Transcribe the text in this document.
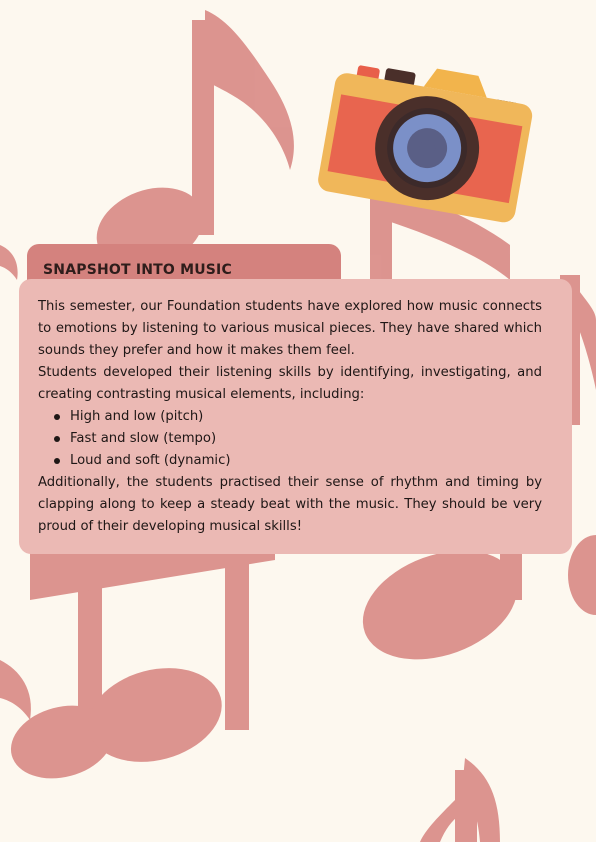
SNAPSHOT INTO MUSIC

This semester, our Foundation students have explored how music connects to emotions by listening to various musical pieces. They have shared which sounds they prefer and how it makes them feel.

Students developed their listening skills by identifying, investigating, and creating contrasting musical elements, including:

High and low (pitch)
Fast and slow (tempo)
Loud and soft (dynamic)

Additionally, the students practised their sense of rhythm and timing by clapping along to keep a steady beat with the music. They should be very proud of their developing musical skills!
